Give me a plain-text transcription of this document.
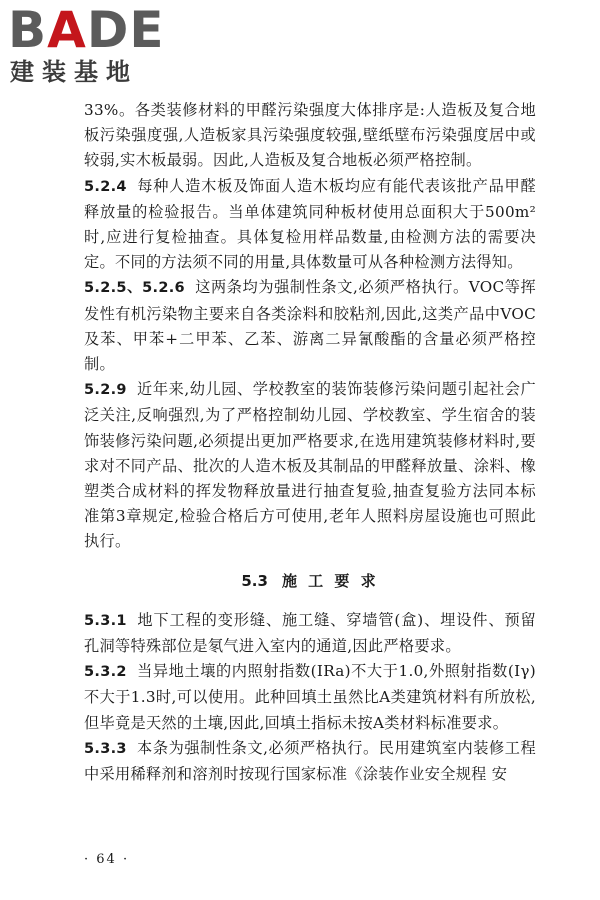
BADE
建装基地

33%。各类装修材料的甲醛污染强度大体排序是:人造板及复合地板污染强度强,人造板家具污染强度较强,壁纸壁布污染强度居中或较弱,实木板最弱。因此,人造板及复合地板必须严格控制。

5.2.4 每种人造木板及饰面人造木板均应有能代表该批产品甲醛释放量的检验报告。当单体建筑同种板材使用总面积大于500m²时,应进行复检抽查。具体复检用样品数量,由检测方法的需要决定。不同的方法须不同的用量,具体数量可从各种检测方法得知。

5.2.5、5.2.6 这两条均为强制性条文,必须严格执行。VOC等挥发性有机污染物主要来自各类涂料和胶粘剂,因此,这类产品中VOC及苯、甲苯+二甲苯、乙苯、游离二异氰酸酯的含量必须严格控制。

5.2.9 近年来,幼儿园、学校教室的装饰装修污染问题引起社会广泛关注,反响强烈,为了严格控制幼儿园、学校教室、学生宿舍的装饰装修污染问题,必须提出更加严格要求,在选用建筑装修材料时,要求对不同产品、批次的人造木板及其制品的甲醛释放量、涂料、橡塑类合成材料的挥发物释放量进行抽查复验,抽查复验方法同本标准第3章规定,检验合格后方可使用,老年人照料房屋设施也可照此执行。

5.3 施 工 要 求

5.3.1 地下工程的变形缝、施工缝、穿墙管(盒)、埋设件、预留孔洞等特殊部位是氡气进入室内的通道,因此严格要求。

5.3.2 当异地土壤的内照射指数(IRa)不大于1.0,外照射指数(Iγ)不大于1.3时,可以使用。此种回填土虽然比A类建筑材料有所放松,但毕竟是天然的土壤,因此,回填土指标未按A类材料标准要求。

5.3.3 本条为强制性条文,必须严格执行。民用建筑室内装修工程中采用稀释剂和溶剂时按现行国家标准《涂装作业安全规程 安

· 64 ·
